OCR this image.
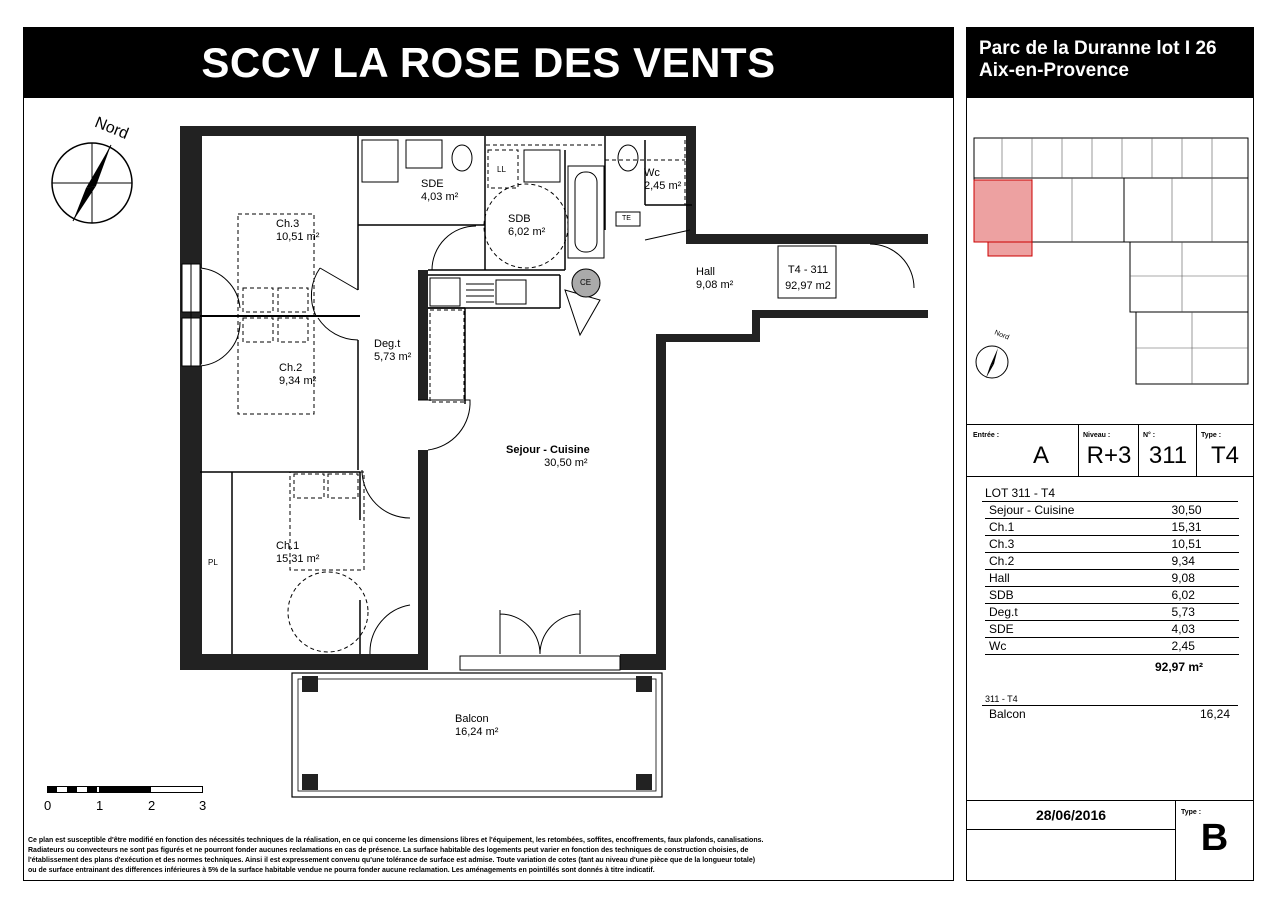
SCCV LA ROSE DES VENTS	Parc de la Duranne lot I 26
Aix-en-Provence
Nord
Ch.3
10,51 m²
Ch.2
9,34 m²
Ch.1
15,31 m²
SDE
4,03 m²
SDB
6,02 m²
Wc
2,45 m²
Deg.t
5,73 m²
Hall
9,08 m²
Sejour - Cuisine
30,50 m²
Balcon
16,24 m²
LL
TE
CE
PL
T4 - 311
92,97 m2
0	1	2	3
Ce plan est susceptible d'être modifié en fonction des nécessités techniques de la réalisation, en ce qui concerne les dimensions libres et l'équipement, les retombées, soffites, encoffrements, faux plafonds, canalisations.
Radiateurs ou convecteurs ne sont pas figurés et ne pourront fonder aucunes reclamations en cas de présence. La surface habitable des logements peut varier en fonction des techniques de construction choisies, de
l'établissement des plans d'exécution et des normes techniques. Ainsi il est expressement convenu qu'une tolérance de surface est admise. Toute variation de cotes (tant au niveau d'une pièce que de la longueur totale)
ou de surface entrainant des differences inférieures à 5% de la surface habitable vendue ne pourra fonder aucune reclamation. Les aménagements en pointillés sont donnés à titre indicatif.
Nord
Entrée :
A
Niveau :
R+3
N° :
311
Type :
T4
LOT 311 - T4
Sejour - Cuisine	30,50
Ch.1	15,31
Ch.3	10,51
Ch.2	9,34
Hall	9,08
SDB	6,02
Deg.t	5,73
SDE	4,03
Wc	2,45
92,97 m²
311 - T4
Balcon	16,24
28/06/2016	Type :
B
